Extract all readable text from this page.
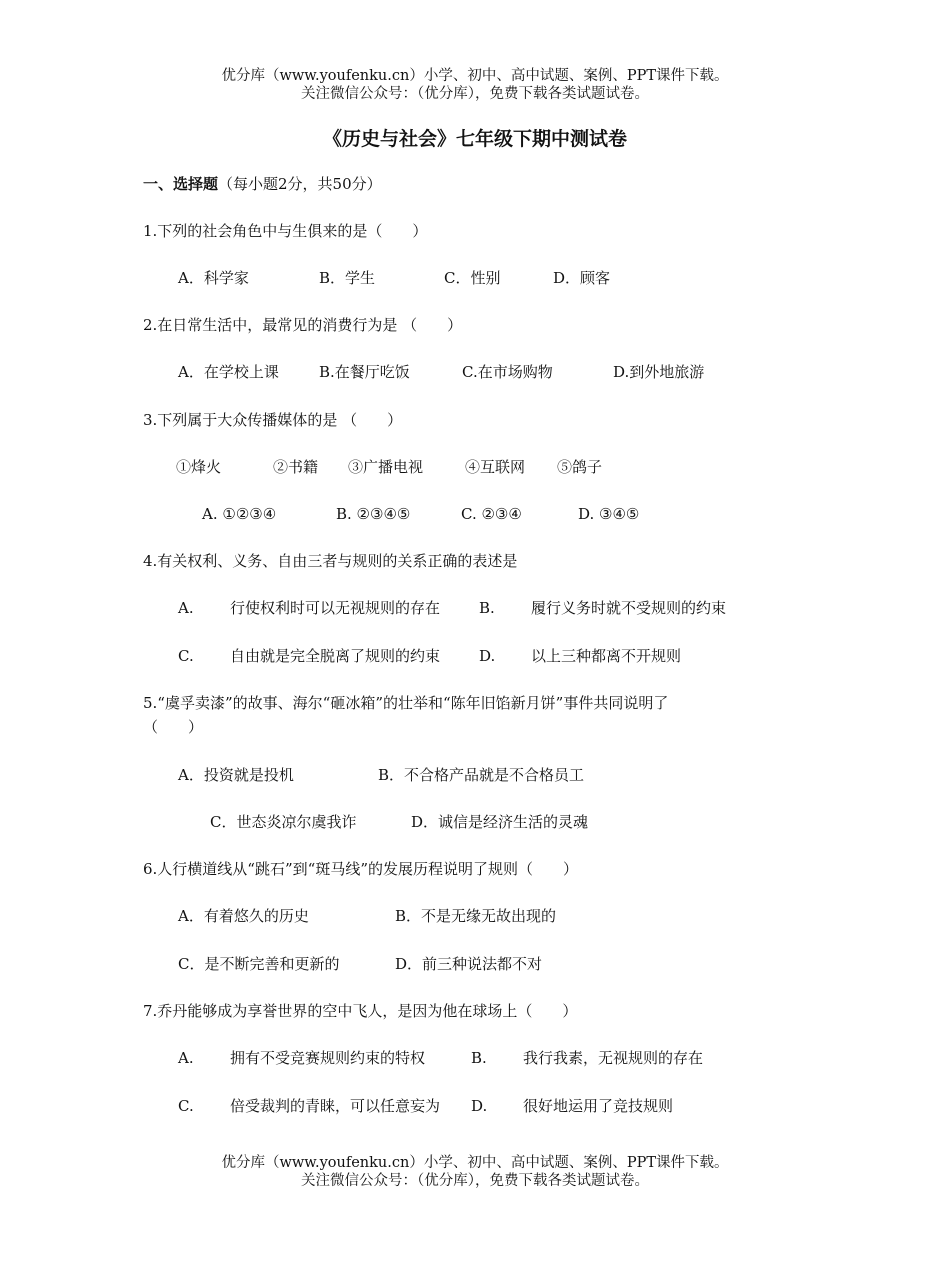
优分库（www.youfenku.cn）小学、初中、高中试题、案例、PPT课件下载。
关注微信公众号：（优分库），免费下载各类试题试卷。
《历史与社会》七年级下期中测试卷
一、选择题（每小题2分，共50分）
1.下列的社会角色中与生俱来的是（　　）
A．科学家	B．学生	C．性别	D．顾客
2.在日常生活中，最常见的消费行为是 （　　）
A．在学校上课	B.在餐厅吃饭	C.在市场购物	D.到外地旅游
3.下列属于大众传播媒体的是 （　　）
①烽火	②书籍 ③广播电视	④互联网 ⑤鸽子
A. ①②③④	B. ②③④⑤	C. ②③④	D. ③④⑤
4.有关权利、义务、自由三者与规则的关系正确的表述是
A. 行使权利时可以无视规则的存在	B. 履行义务时就不受规则的约束
C. 自由就是完全脱离了规则的约束	D. 以上三种都离不开规则
5.“虞孚卖漆”的故事、海尔“砸冰箱”的壮举和“陈年旧馅新月饼”事件共同说明了
（　　）
A．投资就是投机	B．不合格产品就是不合格员工
C．世态炎凉尔虞我诈	D．诚信是经济生活的灵魂
6.人行横道线从“跳石”到“斑马线”的发展历程说明了规则（　　）
A．有着悠久的历史	B．不是无缘无故出现的
C．是不断完善和更新的	D．前三种说法都不对
7.乔丹能够成为享誉世界的空中飞人，是因为他在球场上（　　）
A. 拥有不受竞赛规则约束的特权	B. 我行我素，无视规则的存在
C. 倍受裁判的青睐，可以任意妄为 D. 很好地运用了竞技规则
优分库（www.youfenku.cn）小学、初中、高中试题、案例、PPT课件下载。
关注微信公众号：（优分库），免费下载各类试题试卷。
